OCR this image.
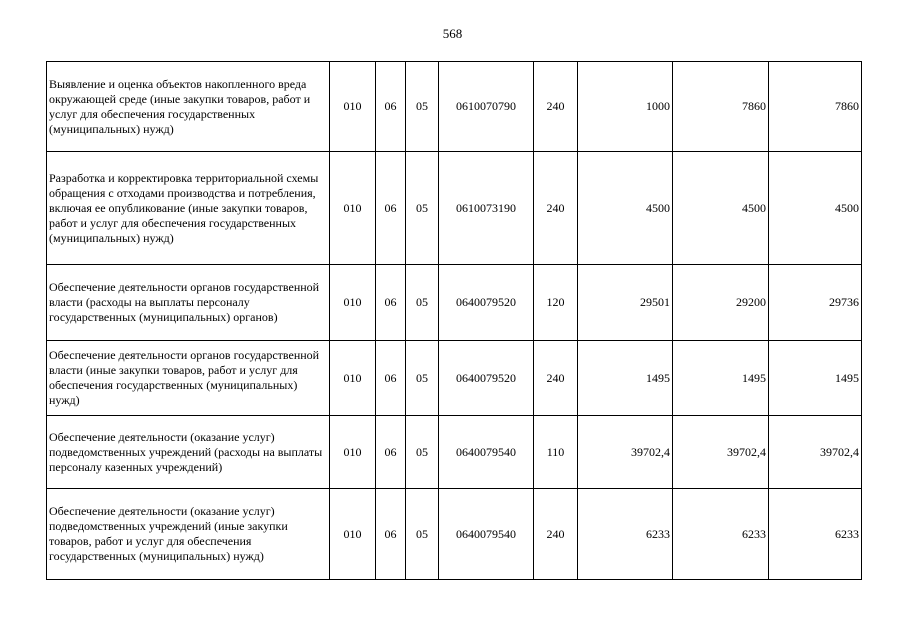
568
Выявление и оценка объектов накопленного вреда окружающей среде (иные закупки товаров, работ и услуг для обеспечения государственных (муниципальных) нужд)	010	06	05	0610070790	240	1000	7860	7860
Разработка и корректировка территориальной схемы обращения с отходами производства и потребления, включая ее опубликование (иные закупки товаров, работ и услуг для обеспечения государственных (муниципальных) нужд)	010	06	05	0610073190	240	4500	4500	4500
Обеспечение деятельности органов государственной власти (расходы на выплаты персоналу государственных (муниципальных) органов)	010	06	05	0640079520	120	29501	29200	29736
Обеспечение деятельности органов государственной власти (иные закупки товаров, работ и услуг для обеспечения государственных (муниципальных) нужд)	010	06	05	0640079520	240	1495	1495	1495
Обеспечение деятельности (оказание услуг) подведомственных учреждений (расходы на выплаты персоналу казенных учреждений)	010	06	05	0640079540	110	39702,4	39702,4	39702,4
Обеспечение деятельности (оказание услуг) подведомственных учреждений (иные закупки товаров, работ и услуг для обеспечения государственных (муниципальных) нужд)	010	06	05	0640079540	240	6233	6233	6233
